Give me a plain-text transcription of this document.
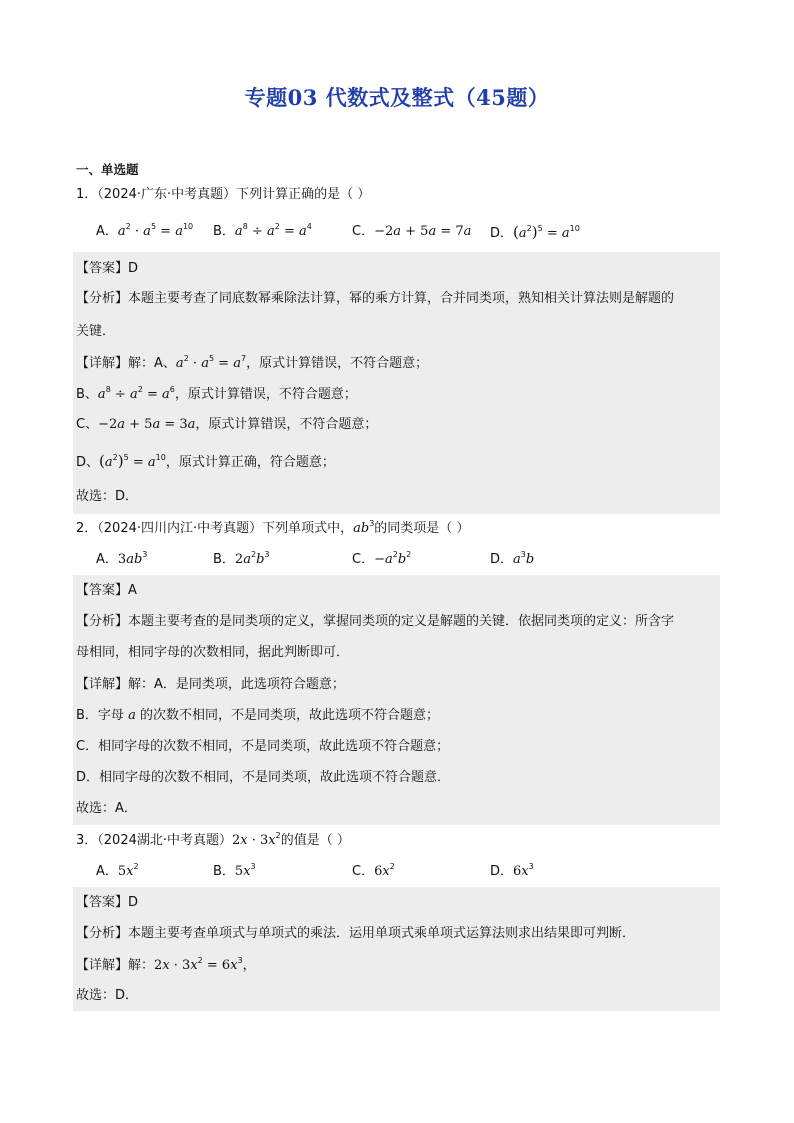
专题03 代数式及整式（45题）
一、单选题
1．（2024·广东·中考真题）下列计算正确的是（ ）
A．$a^2 \cdot a^5 = a^{10}$ B．$a^8 \div a^2 = a^4$	C．−2a + 5a = 7a D．$(a^2)^5 = a^{10}$
【答案】D
【分析】本题主要考查了同底数幂乘除法计算，幂的乘方计算，合并同类项，熟知相关计算法则是解题的
关键．
【详解】解：A、$a^2 \cdot a^5 = a^7$，原式计算错误，不符合题意；
B、$a^8 \div a^2 = a^6$，原式计算错误，不符合题意；
C、−2a + 5a = 3a，原式计算错误，不符合题意；
D、$(a^2)^5 = a^{10}$，原式计算正确，符合题意；
故选：D．
2．（2024·四川内江·中考真题）下列单项式中，$ab^3$的同类项是（ ）
A．$3ab^3$	B．$2a^2b^3$	C．$-a^2b^2$	D．$a^3b$
【答案】A
【分析】本题主要考查的是同类项的定义，掌握同类项的定义是解题的关键．依据同类项的定义：所含字
母相同，相同字母的次数相同，据此判断即可．
【详解】解：A．是同类项，此选项符合题意；
B．字母 a 的次数不相同，不是同类项，故此选项不符合题意；
C．相同字母的次数不相同，不是同类项，故此选项不符合题意；
D．相同字母的次数不相同，不是同类项，故此选项不符合题意．
故选：A．
3．（2024湖北·中考真题）$2x \cdot 3x^2$的值是（ ）
A．$5x^2$	B．$5x^3$	C．$6x^2$	D．$6x^3$
【答案】D
【分析】本题主要考查单项式与单项式的乘法．运用单项式乘单项式运算法则求出结果即可判断．
【详解】解：$2x \cdot 3x^2 = 6x^3$，
故选：D．
